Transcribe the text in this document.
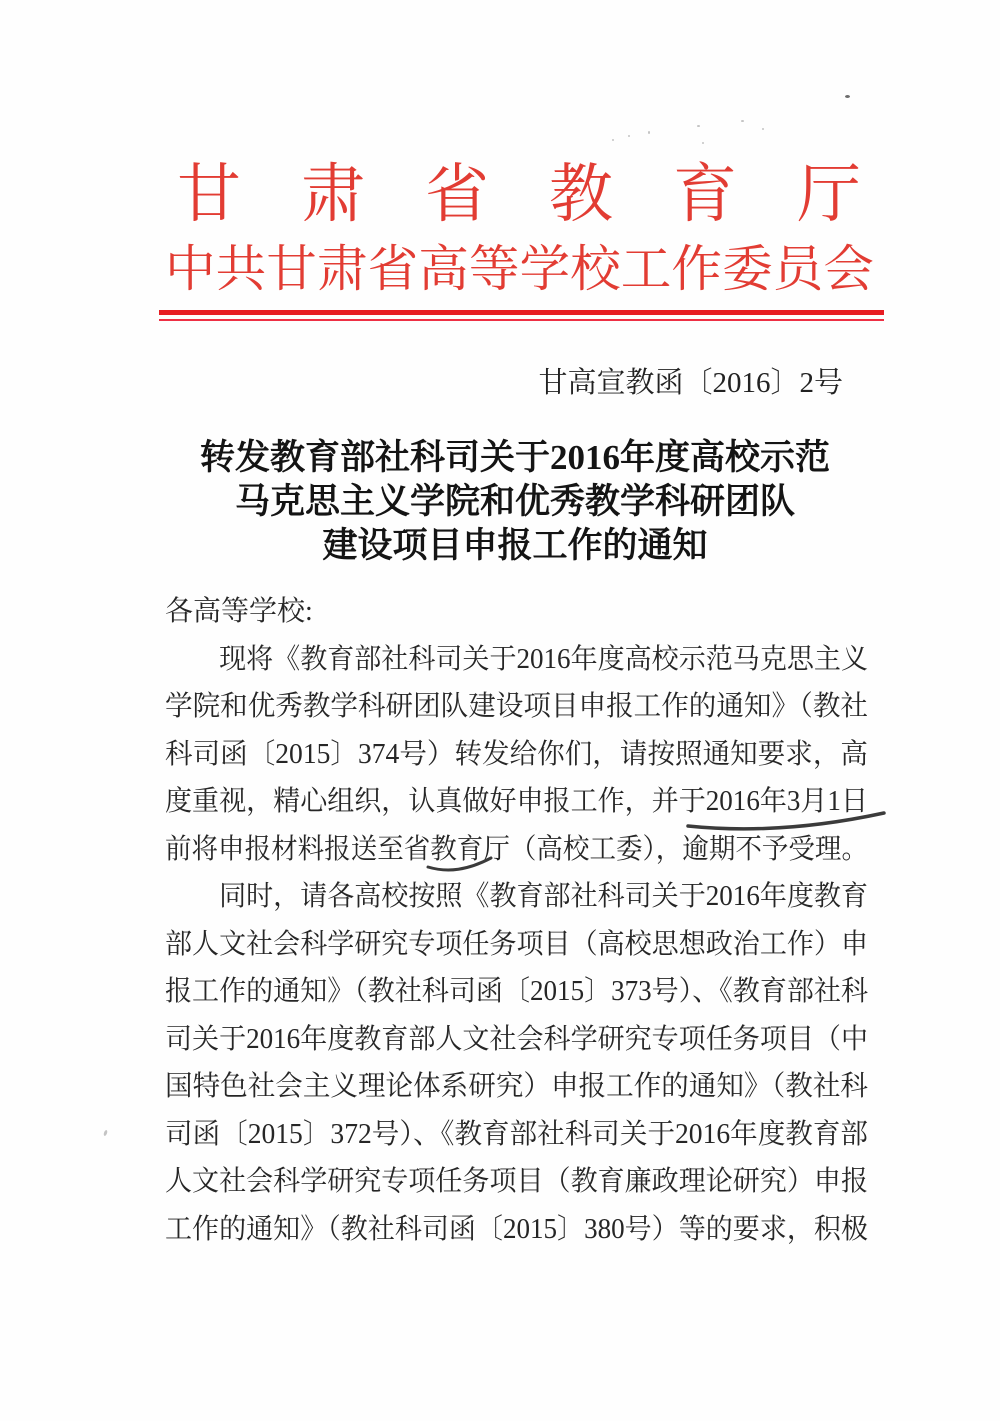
甘肃省教育厅
中共甘肃省高等学校工作委员会
甘高宣教函〔2016〕2号
转发教育部社科司关于2016年度高校示范
马克思主义学院和优秀教学科研团队
建设项目申报工作的通知
各高等学校:
　　现将《教育部社科司关于2016年度高校示范马克思主义
学院和优秀教学科研团队建设项目申报工作的通知》（教社
科司函〔2015〕374号）转发给你们，请按照通知要求，高
度重视，精心组织，认真做好申报工作，并于2016年3月1日
前将申报材料报送至省教育厅（高校工委），逾期不予受理。
　　同时，请各高校按照《教育部社科司关于2016年度教育
部人文社会科学研究专项任务项目（高校思想政治工作）申
报工作的通知》（教社科司函〔2015〕373号）、《教育部社科
司关于2016年度教育部人文社会科学研究专项任务项目（中
国特色社会主义理论体系研究）申报工作的通知》（教社科
司函〔2015〕372号）、《教育部社科司关于2016年度教育部
人文社会科学研究专项任务项目（教育廉政理论研究）申报
工作的通知》（教社科司函〔2015〕380号）等的要求，积极
